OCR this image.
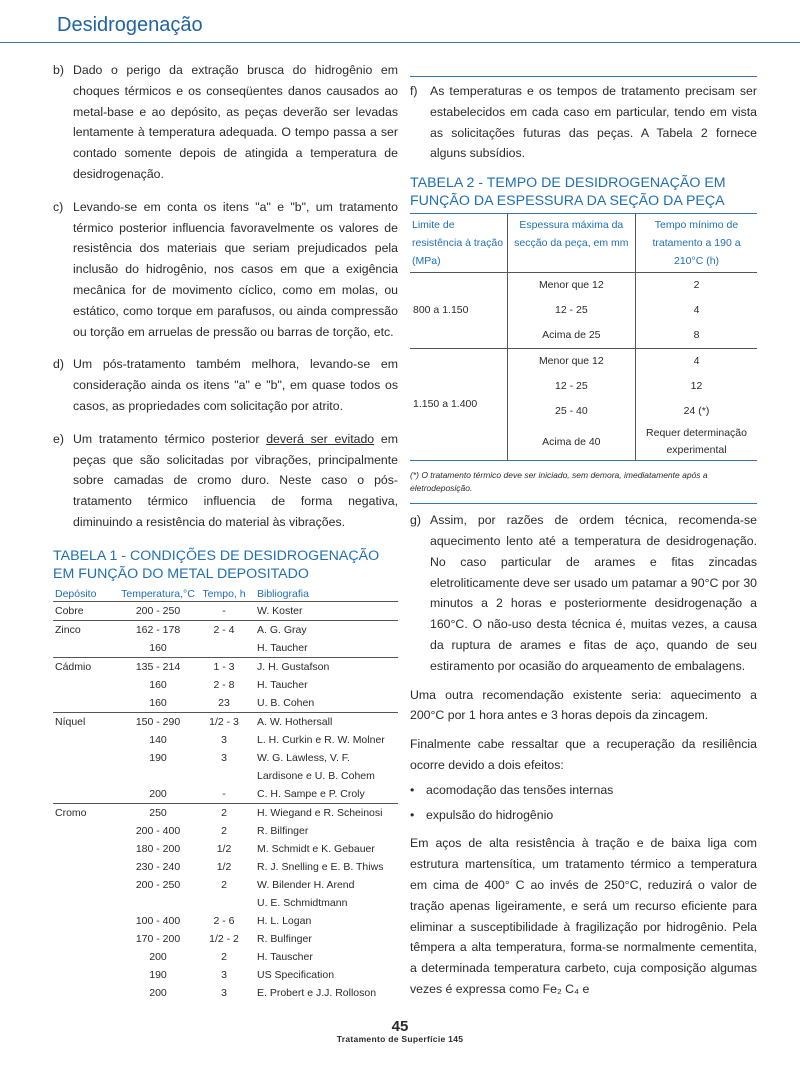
Desidrogenação
b) Dado o perigo da extração brusca do hidrogênio em choques térmicos e os conseqüentes danos causados ao metal-base e ao depósito, as peças deverão ser levadas lentamente à temperatura adequada. O tempo passa a ser contado somente depois de atingida a temperatura de desidrogenação.
c) Levando-se em conta os itens "a" e "b", um tratamento térmico posterior influencia favoravelmente os valores de resistência dos materiais que seriam prejudicados pela inclusão do hidrogênio, nos casos em que a exigência mecânica for de movimento cíclico, como em molas, ou estático, como torque em parafusos, ou ainda compressão ou torção em arruelas de pressão ou barras de torção, etc.
d) Um pós-tratamento também melhora, levando-se em consideração ainda os itens "a" e "b", em quase todos os casos, as propriedades com solicitação por atrito.
e) Um tratamento térmico posterior deverá ser evitado em peças que são solicitadas por vibrações, principalmente sobre camadas de cromo duro. Neste caso o pós-tratamento térmico influencia de forma negativa, diminuindo a resistência do material às vibrações.
TABELA 1 - CONDIÇÕES DE DESIDROGENAÇÃO EM FUNÇÃO DO METAL DEPOSITADO
Depósito	Temperatura,°C	Tempo, h	Bibliografia
Cobre	200 - 250	-	W. Koster
Zinco	162 - 178	2 - 4	A. G. Gray
	160		H. Taucher
Cádmio	135 - 214	1 - 3	J. H. Gustafson
	160	2 - 8	H. Taucher
	160	23	U. B. Cohen
Níquel	150 - 290	1/2 - 3	A. W. Hothersall
	140	3	L. H. Curkin e R. W. Molner
	190	3	W. G. Lawless, V. F.
			Lardisone e U. B. Cohem
	200	-	C. H. Sampe e P. Croly
Cromo	250	2	H. Wiegand e R. Scheinosi
	200 - 400	2	R. Bilfinger
	180 - 200	1/2	M. Schmidt e K. Gebauer
	230 - 240	1/2	R. J. Snelling e E. B. Thiws
	200 - 250	2	W. Bilender H. Arend
			U. E. Schmidtmann
	100 - 400	2 - 6	H. L. Logan
	170 - 200	1/2 - 2	R. Bulfinger
	200	2	H. Tauscher
	190	3	US Specification
	200	3	E. Probert e J.J. Rolloson
f)	As temperaturas e os tempos de tratamento precisam ser estabelecidos em cada caso em particular, tendo em vista as solicitações futuras das peças. A Tabela 2 fornece alguns subsídios.
TABELA 2 - TEMPO DE DESIDROGENAÇÃO EM FUNÇÃO DA ESPESSURA DA SEÇÃO DA PEÇA
Limite de resistência à tração (MPa)	Espessura máxima da secção da peça, em mm	Tempo mínimo de tratamento a 190 a 210°C (h)
800 a 1.150	Menor que 12	2
	12 - 25	4
	Acima de 25	8
1.150 a 1.400	Menor que 12	4
	12 - 25	12
	25 - 40	24 (*)
	Acima de 40	Requer determinação experimental
(*) O tratamento térmico deve ser iniciado, sem demora, imediatamente após a eletrodeposição.
g) Assim, por razões de ordem técnica, recomenda-se aquecimento lento até a temperatura de desidrogenação. No caso particular de arames e fitas zincadas eletroliticamente deve ser usado um patamar a 90°C por 30 minutos a 2 horas e posteriormente desidrogenação a 160°C. O não-uso desta técnica é, muitas vezes, a causa da ruptura de arames e fitas de aço, quando de seu estiramento por ocasião do arqueamento de embalagens.
Uma outra recomendação existente seria: aquecimento a 200°C por 1 hora antes e 3 horas depois da zincagem.
Finalmente cabe ressaltar que a recuperação da resiliência ocorre devido a dois efeitos:
• acomodação das tensões internas
• expulsão do hidrogênio
Em aços de alta resistência à tração e de baixa liga com estrutura martensítica, um tratamento térmico a temperatura em cima de 400° C ao invés de 250°C, reduzirá o valor de tração apenas ligeiramente, e será um recurso eficiente para eliminar a susceptibilidade à fragilização por hidrogênio. Pela têmpera a alta temperatura, forma-se normalmente cementita, a determinada temperatura carbeto, cuja composição algumas vezes é expressa como Fe₂ C₄ e
45
Tratamento de Superfície 145
